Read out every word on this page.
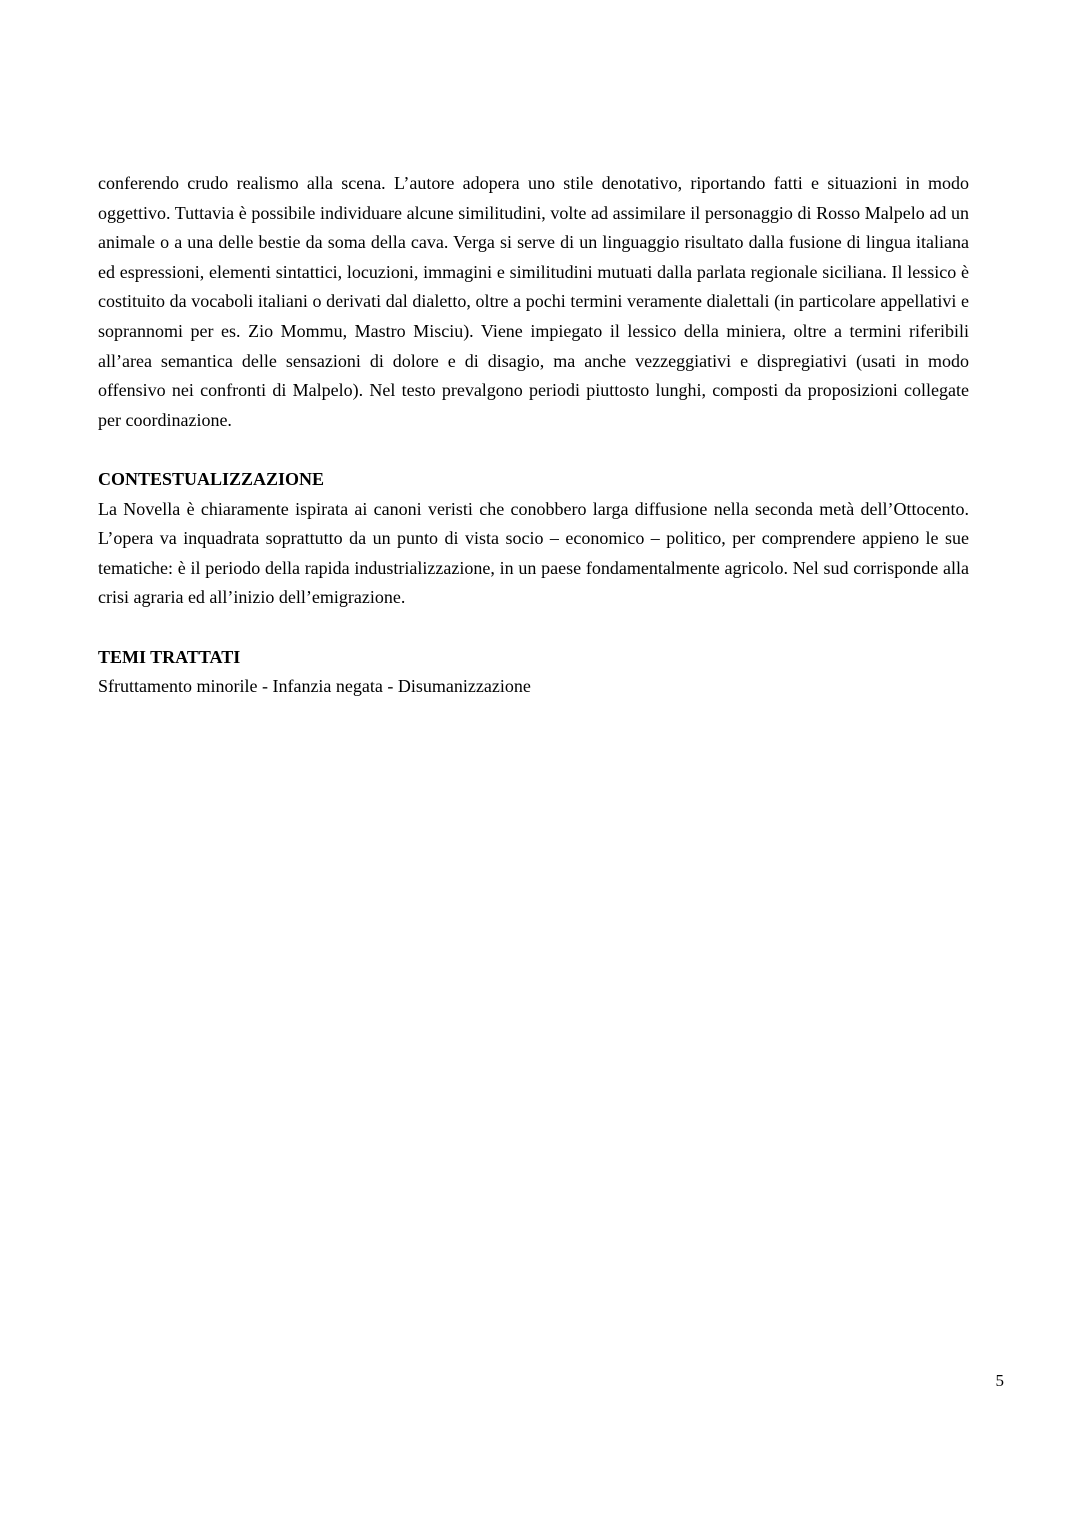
conferendo crudo realismo alla scena. L’autore adopera uno stile denotativo, riportando fatti e situazioni in modo oggettivo. Tuttavia è possibile individuare alcune similitudini, volte ad assimilare il personaggio di Rosso Malpelo ad un animale o a una delle bestie da soma della cava. Verga si serve di un linguaggio risultato dalla fusione di lingua italiana ed espressioni, elementi sintattici, locuzioni, immagini e similitudini mutuati dalla parlata regionale siciliana. Il lessico è costituito da vocaboli italiani o derivati dal dialetto, oltre a pochi termini veramente dialettali (in particolare appellativi e soprannomi per es. Zio Mommu, Mastro Misciu). Viene impiegato il lessico della miniera, oltre a termini riferibili all’area semantica delle sensazioni di dolore e di disagio, ma anche vezzeggiativi e dispregiativi (usati in modo offensivo nei confronti di Malpelo). Nel testo prevalgono periodi piuttosto lunghi, composti da proposizioni collegate per coordinazione.

CONTESTUALIZZAZIONE

La Novella è chiaramente ispirata ai canoni veristi che conobbero larga diffusione nella seconda metà dell’Ottocento. L’opera va inquadrata soprattutto da un punto di vista socio – economico – politico, per comprendere appieno le sue tematiche: è il periodo della rapida industrializzazione, in un paese fondamentalmente agricolo. Nel sud corrisponde alla crisi agraria ed all’inizio dell’emigrazione.

TEMI TRATTATI

Sfruttamento minorile - Infanzia negata - Disumanizzazione

5
